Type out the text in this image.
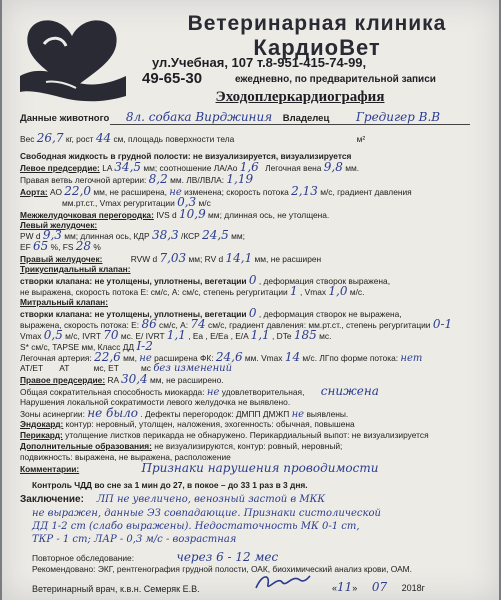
Ветеринарная клиника
КардиоВет
ул.Учебная, 107 т.8-951-415-74-99,
49-65-30	ежедневно, по предварительной записи
Эходоплеркардиография
Данные животного 8л. собака Вирджиния Владелец Гредигер В.В
Вес 26,7 кг, рост 44 см, площадь поверхности тела	м²
Свободная жидкость в грудной полости: не визуализируется, визуализируется
Левое предсердие: LA 34,5 мм; соотношение ЛА/Ао 1,6 Легочная вена 9,8 мм.
Правая ветвь легочной артерии: 8,2 мм. ЛВ/ЛВЛА: 1,19
Аорта: АО 22,0 мм, не расширена, не изменена; скорость потока 2,13 м/с, градиент давления
мм.рт.ст., Vmax регургитации 0,3 м/с
Межжелудочковая перегородка: IVS d 10,9 мм; длинная ось, не утолщена.
Левый желудочек:
PW d 9,3 мм; длинная ось, КДР 38,3 /КСР 24,5 мм;
EF 65 %, FS 28 %
Правый желудочек:	RVW d 7,03 мм; RV d 14,1 мм, не расширен
Трикуспидальный клапан:
створки клапана: не утолщены, уплотнены, вегетации 0 , деформация створок выражена,
не выражена, скорость потока E: см/с, А: см/с, степень регургитации 1 , Vmax 1,0 м/с.
Митральный клапан:
створки клапана: не утолщены, уплотнены, вегетации 0 , деформация створок не выражена,
выражена, скорость потока: E: 86 см/с, А: 74 см/с, градиент давления: мм.рт.ст., степень регургитации 0-1
Vmax 0,5 м/с, IVRT 70 мс. E/ IVRT 1,1 , Ea , E/Ea , E/A 1,1 , DTe 185 мс.
S* см/с, TAPSE мм, Класс ДД I-2
Легочная артерия: 22,6 мм, не расширена ФК: 24,6 мм. Vmax 14 м/с. ЛГпо форме потока: нет
AT/ET AT	мс, ET	мс без изменений
Правое предсердие: RA 30,4 мм, не расширено.
Общая сократительная способность миокарда: не удовлетворительная, снижена
Нарушения локальной сократимости левого желудочка не выявлено.
Зоны асинергии: не было . Дефекты перегородок: ДМПП ДМЖП не выявлены.
Эндокард: контур: неровный, утолщен, наложения, эхогенность: обычная, повышена
Перикард: утолщение листков перикарда не обнаружено. Перикардиальный выпот: не визуализируется
Дополнительные образования: не визуализируются, контур: ровный, неровный;
подвижность: выражена, не выражена, расположение
Комментарии:	Признаки нарушения проводимости
Контроль ЧДД во сне за 1 мин до 27, в покое – до 33 1 раз в 3 дня.
Заключение: ЛП не увеличено, венозный застой в МКК
не выражен, данные ЭЗ совпадающие. Признаки систолической
ДД 1-2 ст (слабо выражены). Недостаточность МК 0-1 ст,
ТКР - 1 ст; ЛАР - 0,3 м/с - возрастная
Повторное обследование:	через 6 - 12 мес
Рекомендовано: ЭКГ, рентгенография грудной полости, ОАК, биохимический анализ крови, ОАМ.
Ветеринарный врач, к.в.н. Семеряк Е.В.	«11» 07 2018г
